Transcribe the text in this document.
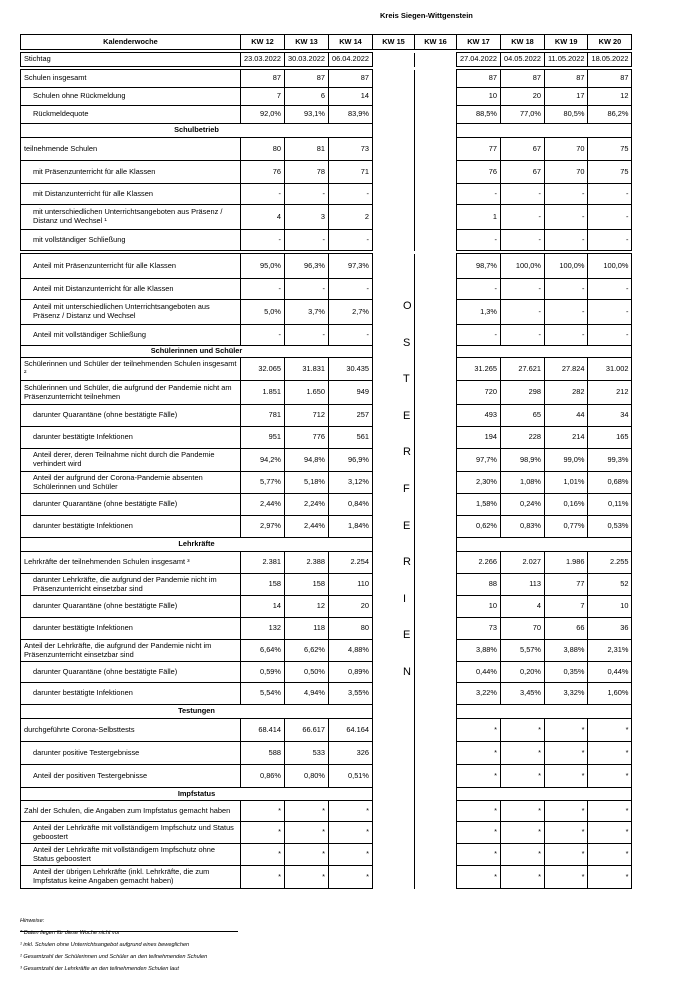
Kreis Siegen-Wittgenstein
Kalenderwoche	KW 12	KW 13	KW 14	KW 15	KW 16	KW 17	KW 18	KW 19	KW 20

Stichtag	23.03.2022	30.03.2022	06.04.2022			27.04.2022	04.05.2022	11.05.2022	18.05.2022

Schulen insgesamt	87	87	87			87	87	87	87
Schulen ohne Rückmeldung	7	6	14			10	20	17	12
Rückmeldequote	92,0%	93,1%	83,9%			88,5%	77,0%	80,5%	86,2%
Schulbetrieb									
teilnehmende Schulen	80	81	73			77	67	70	75
mit Präsenzunterricht für alle Klassen	76	78	71			76	67	70	75
mit Distanzunterricht für alle Klassen	-	-	-			-	-	-	-
mit unterschiedlichen Unterrichtsangeboten aus Präsenz / Distanz und Wechsel ¹	4	3	2			1	-	-	-
mit vollständiger Schließung	-	-	-			-	-	-	-

Anteil mit Präsenzunterricht für alle Klassen	95,0%	96,3%	97,3%			98,7%	100,0%	100,0%	100,0%
Anteil mit Distanzunterricht für alle Klassen	-	-	-			-	-	-	-
Anteil mit unterschiedlichen Unterrichtsangeboten aus Präsenz / Distanz und Wechsel	5,0%	3,7%	2,7%			1,3%	-	-	-
Anteil mit vollständiger Schließung	-	-	-			-	-	-	-
Schülerinnen und Schüler									
Schülerinnen und Schüler der teilnehmenden Schulen insgesamt ²	32.065	31.831	30.435			31.265	27.621	27.824	31.002
Schülerinnen und Schüler, die aufgrund der Pandemie nicht am Präsenzunterricht teilnehmen	1.851	1.650	949			720	298	282	212
darunter Quarantäne (ohne bestätigte Fälle)	781	712	257			493	65	44	34
darunter bestätigte Infektionen	951	776	561			194	228	214	165
Anteil derer, deren Teilnahme nicht durch die Pandemie verhindert wird	94,2%	94,8%	96,9%			97,7%	98,9%	99,0%	99,3%
Anteil der aufgrund der Corona-Pandemie absenten Schülerinnen und Schüler	5,77%	5,18%	3,12%			2,30%	1,08%	1,01%	0,68%
darunter Quarantäne (ohne bestätigte Fälle)	2,44%	2,24%	0,84%			1,58%	0,24%	0,16%	0,11%
darunter bestätigte Infektionen	2,97%	2,44%	1,84%			0,62%	0,83%	0,77%	0,53%
Lehrkräfte									
Lehrkräfte der teilnehmenden Schulen insgesamt ³	2.381	2.388	2.254			2.266	2.027	1.986	2.255
darunter Lehrkräfte, die aufgrund der Pandemie nicht im Präsenzunterricht einsetzbar sind	158	158	110			88	113	77	52
darunter Quarantäne (ohne bestätigte Fälle)	14	12	20			10	4	7	10
darunter bestätigte Infektionen	132	118	80			73	70	66	36
Anteil der Lehrkräfte, die aufgrund der Pandemie nicht im Präsenzunterricht einsetzbar sind	6,64%	6,62%	4,88%			3,88%	5,57%	3,88%	2,31%
darunter Quarantäne (ohne bestätigte Fälle)	0,59%	0,50%	0,89%			0,44%	0,20%	0,35%	0,44%
darunter bestätigte Infektionen	5,54%	4,94%	3,55%			3,22%	3,45%	3,32%	1,60%
Testungen									
durchgeführte Corona-Selbsttests	68.414	66.617	64.164			*	*	*	*
darunter positive Testergebnisse	588	533	326			*	*	*	*
Anteil der positiven Testergebnisse	0,86%	0,80%	0,51%			*	*	*	*
Impfstatus									
Zahl der Schulen, die Angaben zum Impfstatus gemacht haben	*	*	*			*	*	*	*
Anteil der Lehrkräfte mit vollständigem Impfschutz und Status geboostert	*	*	*			*	*	*	*
Anteil der Lehrkräfte mit vollständigem Impfschutz ohne Status geboostert	*	*	*			*	*	*	*
Anteil der übrigen Lehrkräfte (inkl. Lehrkräfte, die zum Impfstatus keine Angaben gemacht haben)	*	*	*			*	*	*	*
O
S
T
E
R
F
E
R
I
E
N
Hinweise:
* Daten liegen für diese Woche nicht vor
¹ inkl. Schulen ohne Unterrichtsangebot aufgrund eines beweglichen
² Gesamtzahl der Schülerinnen und Schüler an den teilnehmenden Schulen
³ Gesamtzahl der Lehrkräfte an den teilnehmenden Schulen laut
